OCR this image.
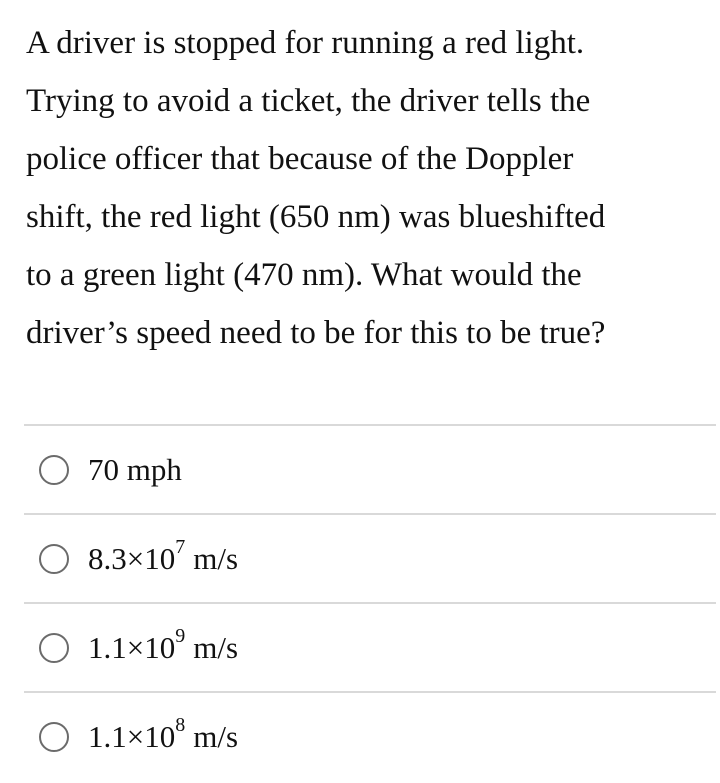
A driver is stopped for running a red light.
Trying to avoid a ticket, the driver tells the
police officer that because of the Doppler
shift, the red light (650 nm) was blueshifted
to a green light (470 nm). What would the
driver’s speed need to be for this to be true?
70 mph
$8.3\times 10^7$ m/s
$1.1\times 10^9$ m/s
$1.1\times 10^8$ m/s
